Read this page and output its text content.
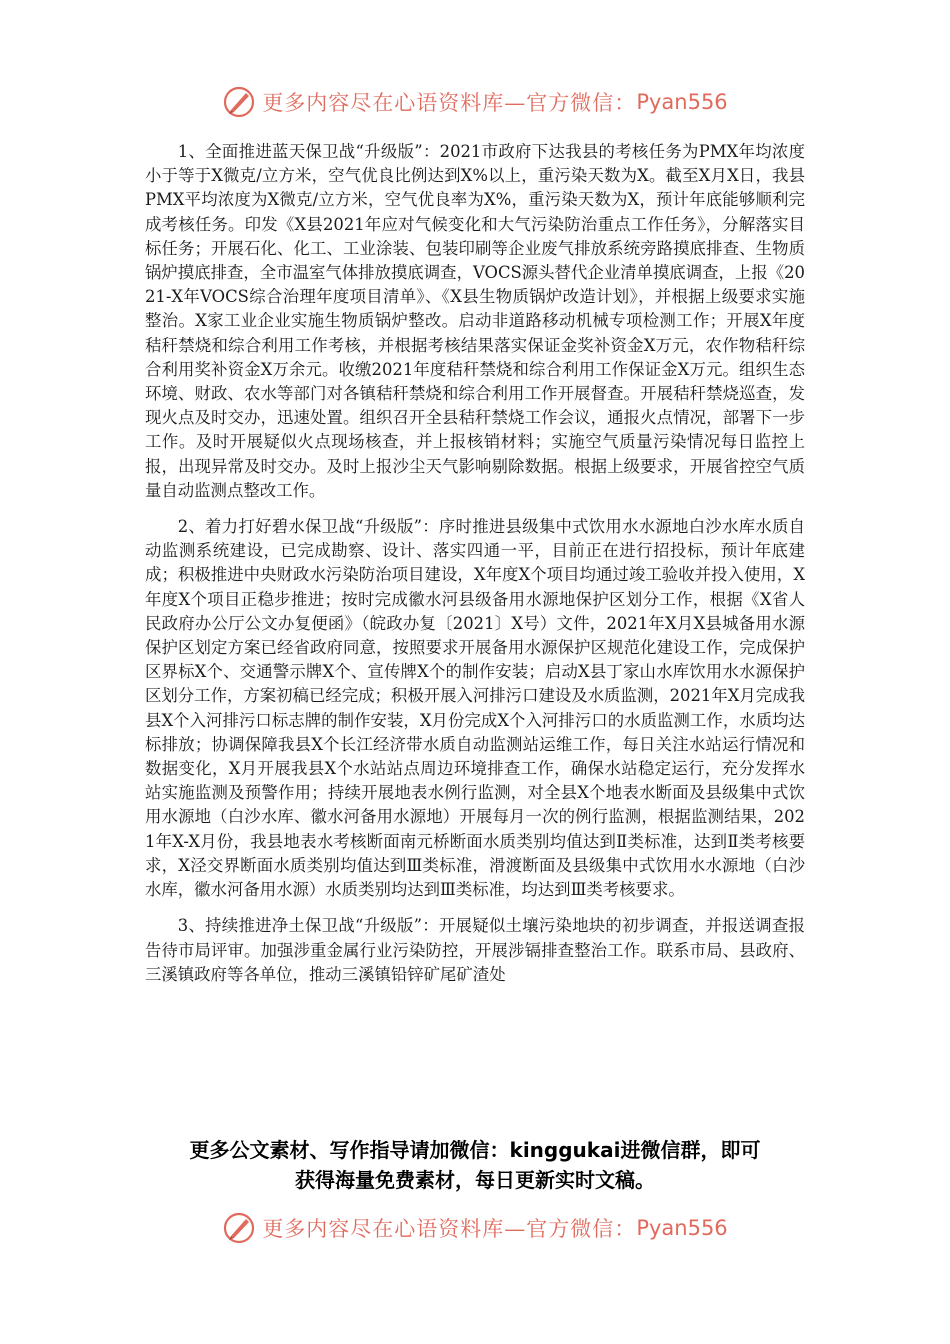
更多内容尽在心语资料库—官方微信： Pyan556

1、全面推进蓝天保卫战“升级版”：2021市政府下达我县的考核任务为PMX年均浓度小于等于X微克/立方米，空气优良比例达到X%以上，重污染天数为X。截至X月X日，我县PMX平均浓度为X微克/立方米，空气优良率为X%，重污染天数为X，预计年底能够顺利完成考核任务。印发《X县2021年应对气候变化和大气污染防治重点工作任务》，分解落实目标任务；开展石化、化工、工业涂装、包装印刷等企业废气排放系统旁路摸底排查、生物质锅炉摸底排查，全市温室气体排放摸底调查，VOCS源头替代企业清单摸底调查，上报《2021-X年VOCS综合治理年度项目清单》、《X县生物质锅炉改造计划》，并根据上级要求实施整治。X家工业企业实施生物质锅炉整改。启动非道路移动机械专项检测工作；开展X年度秸秆禁烧和综合利用工作考核，并根据考核结果落实保证金奖补资金X万元，农作物秸秆综合利用奖补资金X万余元。收缴2021年度秸秆禁烧和综合利用工作保证金X万元。组织生态环境、财政、农水等部门对各镇秸秆禁烧和综合利用工作开展督查。开展秸秆禁烧巡查，发现火点及时交办，迅速处置。组织召开全县秸秆禁烧工作会议，通报火点情况，部署下一步工作。及时开展疑似火点现场核查，并上报核销材料；实施空气质量污染情况每日监控上报，出现异常及时交办。及时上报沙尘天气影响剔除数据。根据上级要求，开展省控空气质量自动监测点整改工作。

2、着力打好碧水保卫战“升级版”：序时推进县级集中式饮用水水源地白沙水库水质自动监测系统建设，已完成勘察、设计、落实四通一平，目前正在进行招投标，预计年底建成；积极推进中央财政水污染防治项目建设，X年度X个项目均通过竣工验收并投入使用，X年度X个项目正稳步推进；按时完成徽水河县级备用水源地保护区划分工作，根据《X省人民政府办公厅公文办复便函》（皖政办复〔2021〕X号）文件，2021年X月X县城备用水源保护区划定方案已经省政府同意，按照要求开展备用水源保护区规范化建设工作，完成保护区界标X个、交通警示牌X个、宣传牌X个的制作安装；启动X县丁家山水库饮用水水源保护区划分工作，方案初稿已经完成；积极开展入河排污口建设及水质监测，2021年X月完成我县X个入河排污口标志牌的制作安装，X月份完成X个入河排污口的水质监测工作，水质均达标排放；协调保障我县X个长江经济带水质自动监测站运维工作，每日关注水站运行情况和数据变化，X月开展我县X个水站站点周边环境排查工作，确保水站稳定运行，充分发挥水站实施监测及预警作用；持续开展地表水例行监测，对全县X个地表水断面及县级集中式饮用水源地（白沙水库、徽水河备用水源地）开展每月一次的例行监测，根据监测结果，2021年X-X月份，我县地表水考核断面南元桥断面水质类别均值达到Ⅱ类标准，达到Ⅱ类考核要求，X泾交界断面水质类别均值达到Ⅲ类标准，滑渡断面及县级集中式饮用水水源地（白沙水库，徽水河备用水源）水质类别均达到Ⅲ类标准，均达到Ⅲ类考核要求。

3、持续推进净土保卫战“升级版”：开展疑似土壤污染地块的初步调查，并报送调查报告待市局评审。加强涉重金属行业污染防控，开展涉镉排查整治工作。联系市局、县政府、三溪镇政府等各单位，推动三溪镇铅锌矿尾矿渣处

更多公文素材、写作指导请加微信：kinggukai进微信群，即可
获得海量免费素材，每日更新实时文稿。
更多内容尽在心语资料库—官方微信： Pyan556
